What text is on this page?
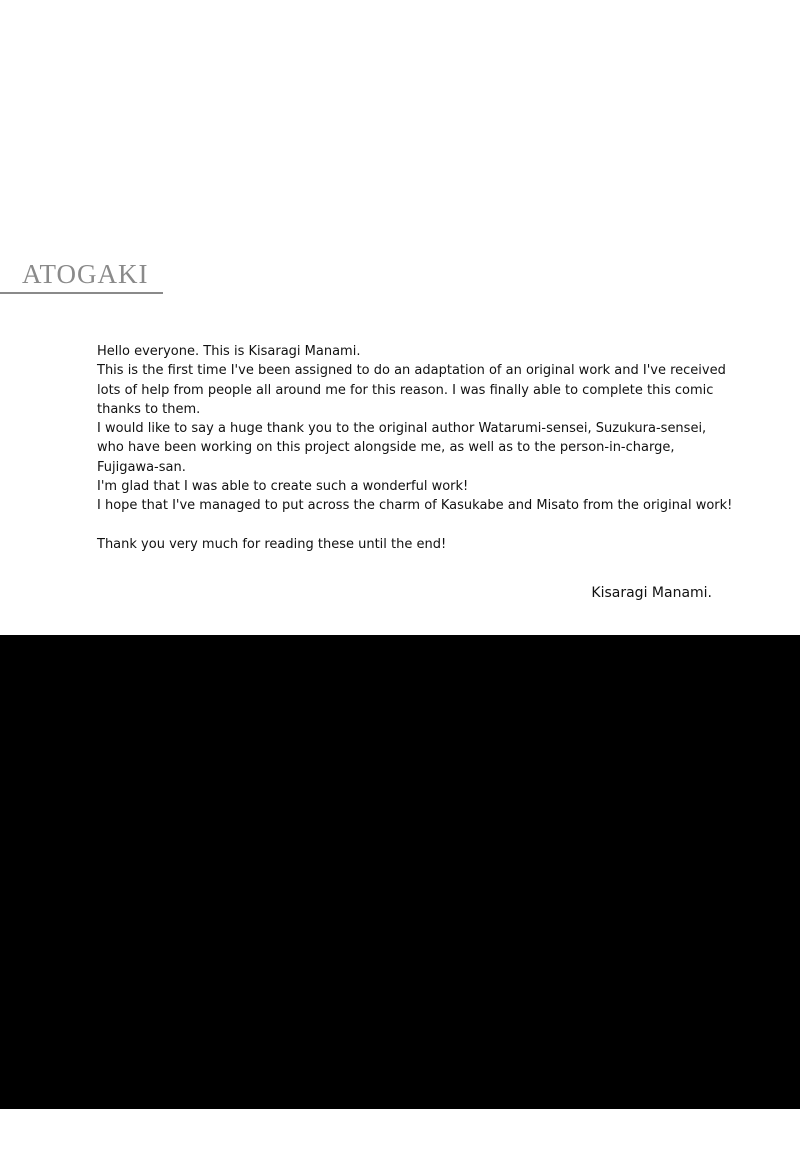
ATOGAKI

Hello everyone. This is Kisaragi Manami.

This is the first time I've been assigned to do an adaptation of an original work and I've received lots of help from people all around me for this reason. I was finally able to complete this comic thanks to them.

I would like to say a huge thank you to the original author Watarumi-sensei, Suzukura-sensei, who have been working on this project alongside me, as well as to the person-in-charge, Fujigawa-san.

I'm glad that I was able to create such a wonderful work!

I hope that I've managed to put across the charm of Kasukabe and Misato from the original work!

Thank you very much for reading these until the end!

Kisaragi Manami.
